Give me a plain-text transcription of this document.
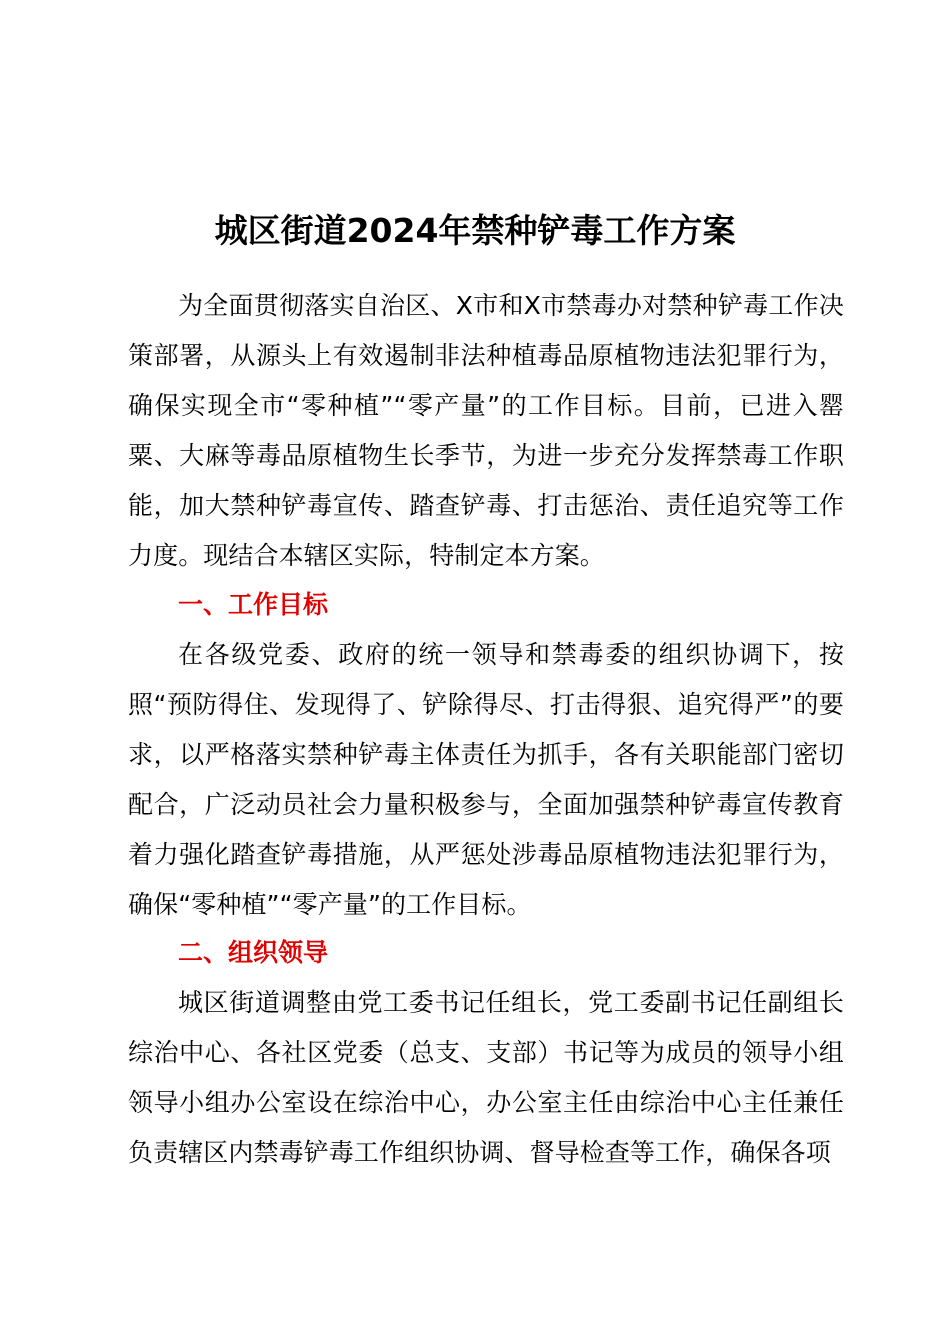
城区街道2024年禁种铲毒工作方案

为全面贯彻落实自治区、X市和X市禁毒办对禁种铲毒工作决策部署，从源头上有效遏制非法种植毒品原植物违法犯罪行为，确保实现全市“零种植”“零产量”的工作目标。目前，已进入罂粟、大麻等毒品原植物生长季节，为进一步充分发挥禁毒工作职能，加大禁种铲毒宣传、踏查铲毒、打击惩治、责任追究等工作力度。现结合本辖区实际，特制定本方案。

一、工作目标

在各级党委、政府的统一领导和禁毒委的组织协调下，按照“预防得住、发现得了、铲除得尽、打击得狠、追究得严”的要求，以严格落实禁种铲毒主体责任为抓手，各有关职能部门密切配合，广泛动员社会力量积极参与，全面加强禁种铲毒宣传教育着力强化踏查铲毒措施，从严惩处涉毒品原植物违法犯罪行为，确保“零种植”“零产量”的工作目标。

二、组织领导

城区街道调整由党工委书记任组长，党工委副书记任副组长综治中心、各社区党委（总支、支部）书记等为成员的领导小组领导小组办公室设在综治中心，办公室主任由综治中心主任兼任负责辖区内禁毒铲毒工作组织协调、督导检查等工作，确保各项
